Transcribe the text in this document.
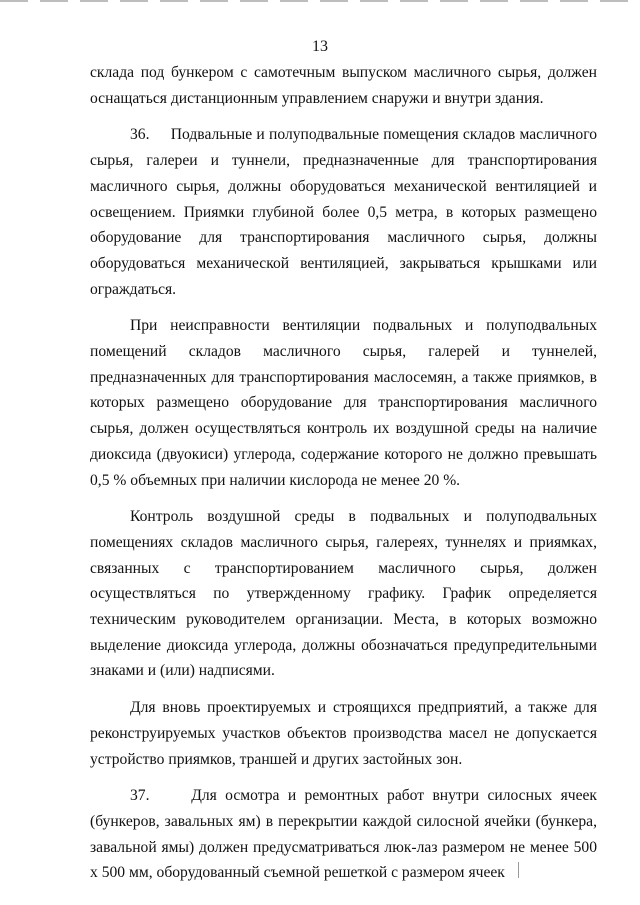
13

склада под бункером с самотечным выпуском масличного сырья, должен оснащаться дистанционным управлением снаружи и внутри здания.

36.     Подвальные и полуподвальные помещения складов масличного сырья, галереи и туннели, предназначенные для транспортирования масличного сырья, должны оборудоваться механической вентиляцией и освещением. Приямки глубиной более 0,5 метра, в которых размещено оборудование для транспортирования масличного сырья, должны оборудоваться механической вентиляцией, закрываться крышками или ограждаться.

При неисправности вентиляции подвальных и полуподвальных помещений складов масличного сырья, галерей и туннелей, предназначенных для транспортирования маслосемян, а также приямков, в которых размещено оборудование для транспортирования масличного сырья, должен осуществляться контроль их воздушной среды на наличие диоксида (двуокиси) углерода, содержание которого не должно превышать 0,5 % объемных при наличии кислорода не менее 20 %.

Контроль воздушной среды в подвальных и полуподвальных помещениях складов масличного сырья, галереях, туннелях и приямках, связанных с транспортированием масличного сырья, должен осуществляться по утвержденному графику. График определяется техническим руководителем организации. Места, в которых возможно выделение диоксида углерода, должны обозначаться предупредительными знаками и (или) надписями.

Для вновь проектируемых и строящихся предприятий, а также для реконструируемых участков объектов производства масел не допускается устройство приямков, траншей и других застойных зон.

37.     Для осмотра и ремонтных работ внутри силосных ячеек (бункеров, завальных ям) в перекрытии каждой силосной ячейки (бункера, завальной ямы) должен предусматриваться люк-лаз размером не менее 500 х 500 мм, оборудованный съемной решеткой с размером ячеек
